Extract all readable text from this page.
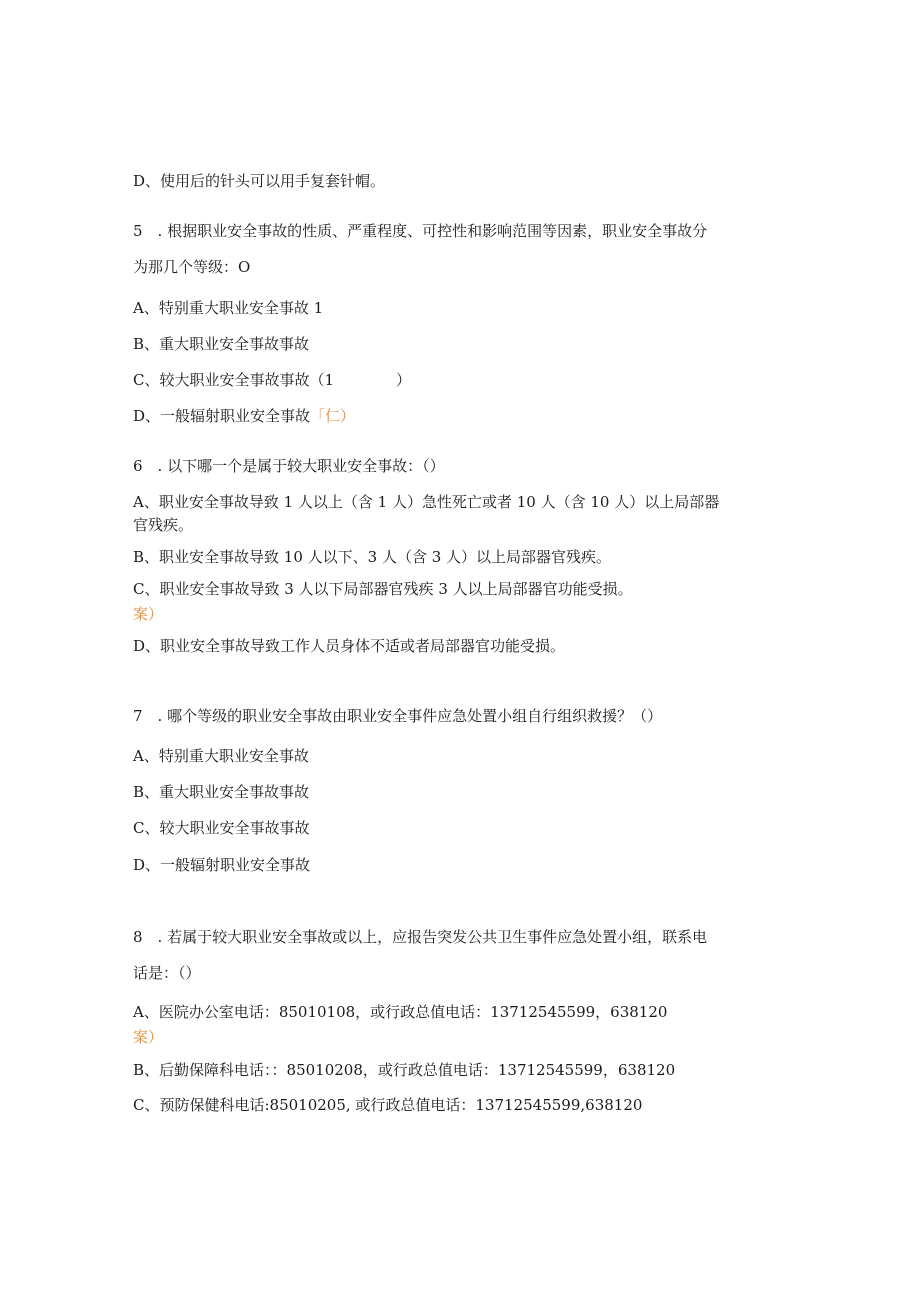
D、使用后的针头可以用手复套针帽。
5　. 根据职业安全事故的性质、严重程度、可控性和影响范围等因素，职业安全事故分
为那几个等级：O
A、特别重大职业安全事故 1
B、重大职业安全事故事故
C、较大职业安全事故事故（1	）
D、一般辐射职业安全事故「仁）
6　. 以下哪一个是属于较大职业安全事故：（）
A、职业安全事故导致 1 人以上（含 1 人）急性死亡或者 10 人（含 10 人）以上局部器
官残疾。
B、职业安全事故导致 10 人以下、3 人（含 3 人）以上局部器官残疾。
C、职业安全事故导致 3 人以下局部器官残疾 3 人以上局部器官功能受损。
案）
D、职业安全事故导致工作人员身体不适或者局部器官功能受损。
7　. 哪个等级的职业安全事故由职业安全事件应急处置小组自行组织救援？（）
A、特别重大职业安全事故
B、重大职业安全事故事故
C、较大职业安全事故事故
D、一般辐射职业安全事故
8　. 若属于较大职业安全事故或以上，应报告突发公共卫生事件应急处置小组，联系电
话是：（）
A、医院办公室电话：85010108，或行政总值电话：13712545599，638120
案）
B、后勤保障科电话：：85010208，或行政总值电话：13712545599，638120
C、预防保健科电话:85010205, 或行政总值电话：13712545599,638120
